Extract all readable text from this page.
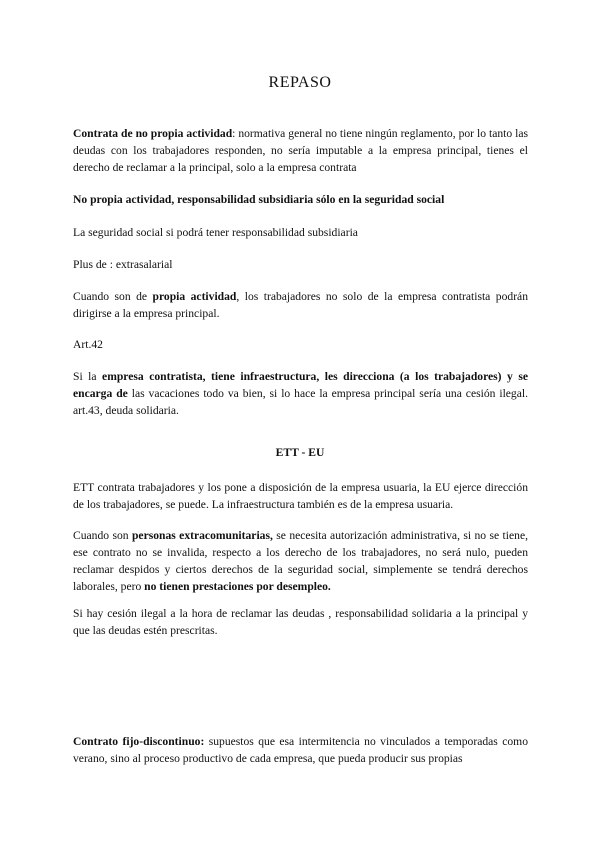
REPASO

Contrata de no propia actividad: normativa general no tiene ningún reglamento, por lo tanto las deudas con los trabajadores responden, no sería imputable a la empresa principal, tienes el derecho de reclamar a la principal, solo a la empresa contrata

No propia actividad, responsabilidad subsidiaria sólo en la seguridad social

La seguridad social si podrá tener responsabilidad subsidiaria

Plus de : extrasalarial

Cuando son de propia actividad, los trabajadores no solo de la empresa contratista podrán dirigirse a la empresa principal.

Art.42

Si la empresa contratista, tiene infraestructura, les direcciona (a los trabajadores) y se encarga de las vacaciones todo va bien, si lo hace la empresa principal sería una cesión ilegal. art.43, deuda solidaria.

ETT - EU

ETT contrata trabajadores y los pone a disposición de la empresa usuaria, la EU ejerce dirección de los trabajadores, se puede. La infraestructura también es de la empresa usuaria.

Cuando son personas extracomunitarias, se necesita autorización administrativa, si no se tiene, ese contrato no se invalida, respecto a los derecho de los trabajadores, no será nulo, pueden reclamar despidos y ciertos derechos de la seguridad social, simplemente se tendrá derechos laborales, pero no tienen prestaciones por desempleo.

Si hay cesión ilegal a la hora de reclamar las deudas , responsabilidad solidaria a la principal y que las deudas estén prescritas.

Contrato fijo-discontinuo: supuestos que esa intermitencia no vinculados a temporadas como verano, sino al proceso productivo de cada empresa, que pueda producir sus propias
